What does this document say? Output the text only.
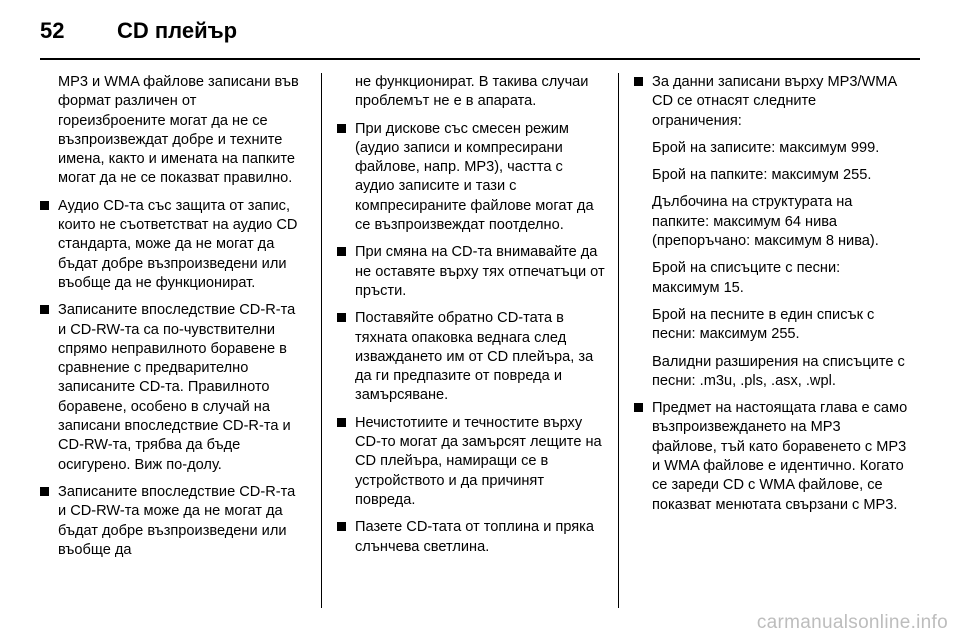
52 CD плейър

MP3 и WMA файлове записани във формат различен от гореизброените могат да не се възпроизвеждат добре и техните имена, както и имената на папките могат да не се показват правилно.

Аудио CD-та със защита от запис, които не съответстват на аудио CD стандарта, може да не могат да бъдат добре възпроизведени или въобще да не функционират.

Записаните впоследствие CD-R-та и CD-RW-та са по-чувствителни спрямо неправилното боравене в сравнение с предварително записаните CD-та. Правилното боравене, особено в случай на записани впоследствие CD-R-та и CD-RW-та, трябва да бъде осигурено. Виж по-долу.

Записаните впоследствие CD-R-та и CD-RW-та може да не могат да бъдат добре възпроизведени или въобще да

не функционират. В такива случаи проблемът не е в апарата.

При дискове със смесен режим (аудио записи и компресирани файлове, напр. MP3), частта с аудио записите и тази с компресираните файлове могат да се възпроизвеждат поотделно.

При смяна на CD-та внимавайте да не оставяте върху тях отпечатъци от пръсти.

Поставяйте обратно CD-тата в тяхната опаковка веднага след изваждането им от CD плейъра, за да ги предпазите от повреда и замърсяване.

Нечистотиите и течностите върху CD-то могат да замърсят лещите на CD плейъра, намиращи се в устройството и да причинят повреда.

Пазете CD-тата от топлина и пряка слънчева светлина.

За данни записани върху MP3/WMA CD се отнасят следните ограничения:

Брой на записите: максимум 999.

Брой на папките: максимум 255.

Дълбочина на структурата на папките: максимум 64 нива (препоръчано: максимум 8 нива).

Брой на списъците с песни: максимум 15.

Брой на песните в един списък с песни: максимум 255.

Валидни разширения на списъците с песни: .m3u, .pls, .asx, .wpl.

Предмет на настоящата глава е само възпроизвеждането на MP3 файлове, тъй като боравенето с MP3 и WMA файлове е идентично. Когато се зареди CD с WMA файлове, се показват менютата свързани с MP3.

carmanualsonline.info
